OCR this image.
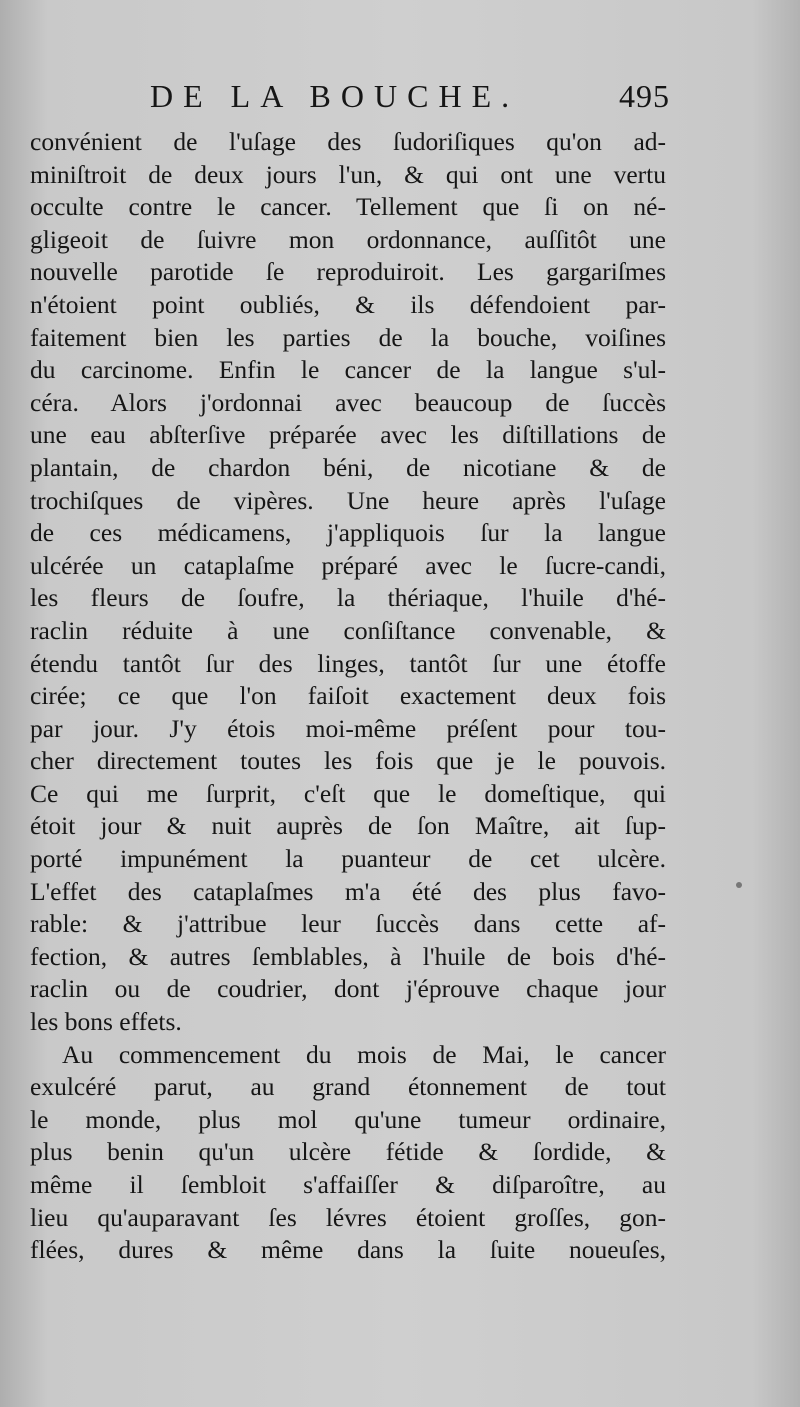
DE LA BOUCHE.	495
convénient de l'uſage des ſudoriſiques qu'on ad-
miniſtroit de deux jours l'un, & qui ont une vertu
occulte contre le cancer. Tellement que ſi on né-
gligeoit de ſuivre mon ordonnance, auſſitôt une
nouvelle parotide ſe reproduiroit. Les gargariſmes
n'étoient point oubliés, & ils défendoient par-
faitement bien les parties de la bouche, voiſines
du carcinome. Enfin le cancer de la langue s'ul-
céra. Alors j'ordonnai avec beaucoup de ſuccès
une eau abſterſive préparée avec les diſtillations de
plantain, de chardon béni, de nicotiane & de
trochiſques de vipères. Une heure après l'uſage
de ces médicamens, j'appliquois ſur la langue
ulcérée un cataplaſme préparé avec le ſucre-candi,
les fleurs de ſoufre, la thériaque, l'huile d'hé-
raclin réduite à une conſiſtance convenable, &
étendu tantôt ſur des linges, tantôt ſur une étoffe
cirée; ce que l'on faiſoit exactement deux fois
par jour. J'y étois moi-même préſent pour tou-
cher directement toutes les fois que je le pouvois.
Ce qui me ſurprit, c'eſt que le domeſtique, qui
étoit jour & nuit auprès de ſon Maître, ait ſup-
porté impunément la puanteur de cet ulcère.
L'effet des cataplaſmes m'a été des plus favo-
rable: & j'attribue leur ſuccès dans cette af-
fection, & autres ſemblables, à l'huile de bois d'hé-
raclin ou de coudrier, dont j'éprouve chaque jour
les bons effets.
Au commencement du mois de Mai, le cancer
exulcéré parut, au grand étonnement de tout
le monde, plus mol qu'une tumeur ordinaire,
plus benin qu'un ulcère fétide & ſordide, &
même il ſembloit s'affaiſſer & diſparoître, au
lieu qu'auparavant ſes lévres étoient groſſes, gon-
flées, dures & même dans la ſuite noueuſes,
